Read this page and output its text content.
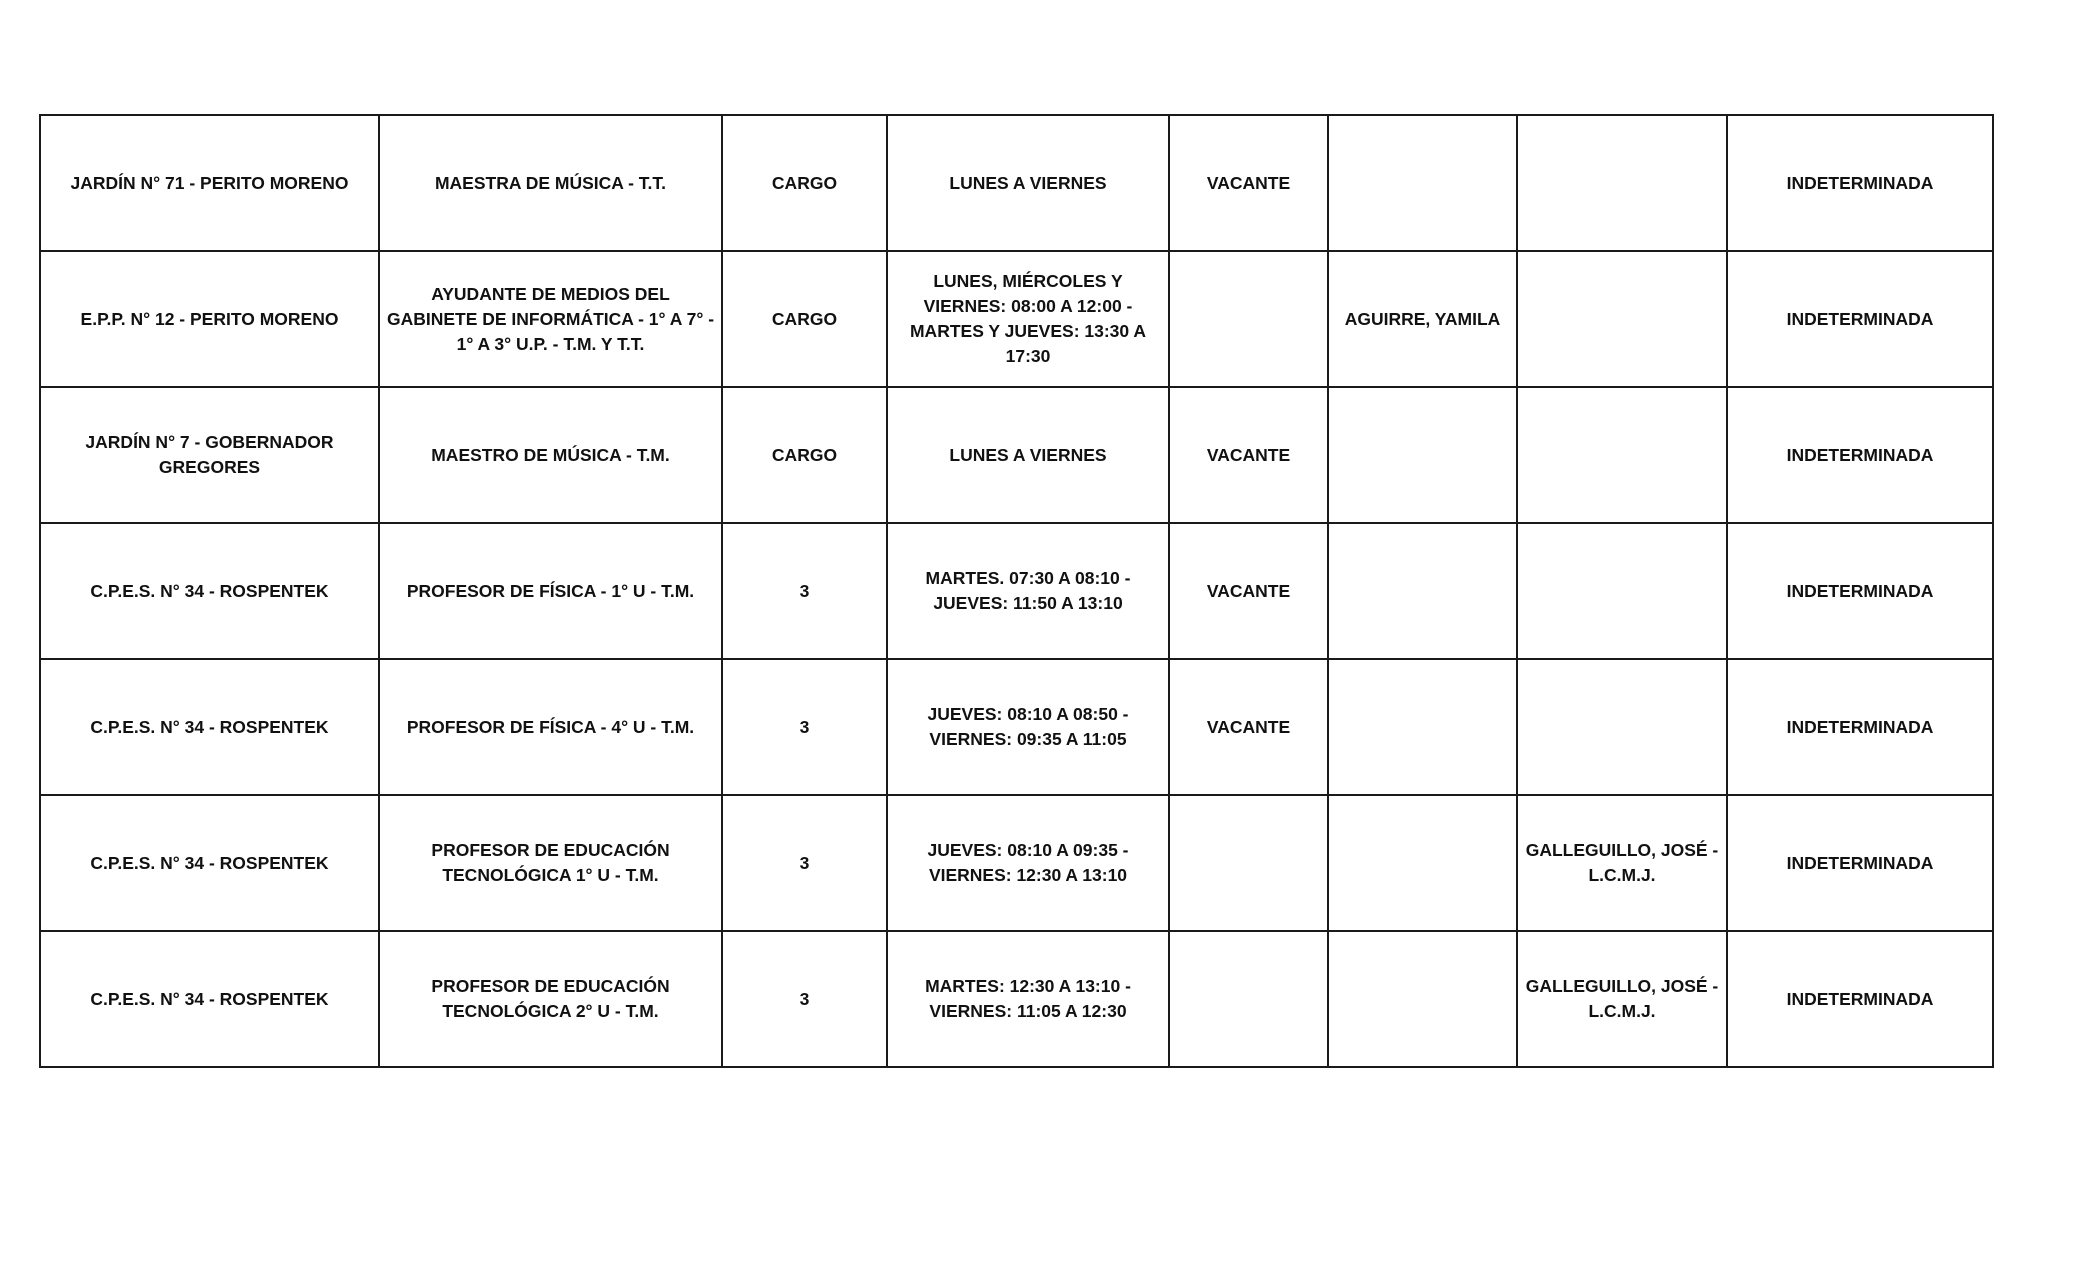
JARDÍN N° 71 - PERITO MORENO	MAESTRA DE MÚSICA - T.T.	CARGO	LUNES A VIERNES	VACANTE			INDETERMINADA
E.P.P. N° 12 - PERITO MORENO	AYUDANTE DE MEDIOS DEL GABINETE DE INFORMÁTICA - 1° A 7° - 1° A 3° U.P. - T.M. Y T.T.	CARGO	LUNES, MIÉRCOLES Y VIERNES: 08:00 A 12:00 - MARTES Y JUEVES: 13:30 A 17:30		AGUIRRE, YAMILA		INDETERMINADA
JARDÍN N° 7 - GOBERNADOR GREGORES	MAESTRO DE MÚSICA - T.M.	CARGO	LUNES A VIERNES	VACANTE			INDETERMINADA
C.P.E.S. N° 34 - ROSPENTEK	PROFESOR DE FÍSICA - 1° U - T.M.	3	MARTES. 07:30 A 08:10 - JUEVES: 11:50 A 13:10	VACANTE			INDETERMINADA
C.P.E.S. N° 34 - ROSPENTEK	PROFESOR DE FÍSICA - 4° U - T.M.	3	JUEVES: 08:10 A 08:50 - VIERNES: 09:35 A 11:05	VACANTE			INDETERMINADA
C.P.E.S. N° 34 - ROSPENTEK	PROFESOR DE EDUCACIÓN TECNOLÓGICA 1° U - T.M.	3	JUEVES: 08:10 A 09:35 - VIERNES: 12:30 A 13:10			GALLEGUILLO, JOSÉ - L.C.M.J.	INDETERMINADA
C.P.E.S. N° 34 - ROSPENTEK	PROFESOR DE EDUCACIÓN TECNOLÓGICA 2° U - T.M.	3	MARTES: 12:30 A 13:10 - VIERNES: 11:05 A 12:30			GALLEGUILLO, JOSÉ - L.C.M.J.	INDETERMINADA
